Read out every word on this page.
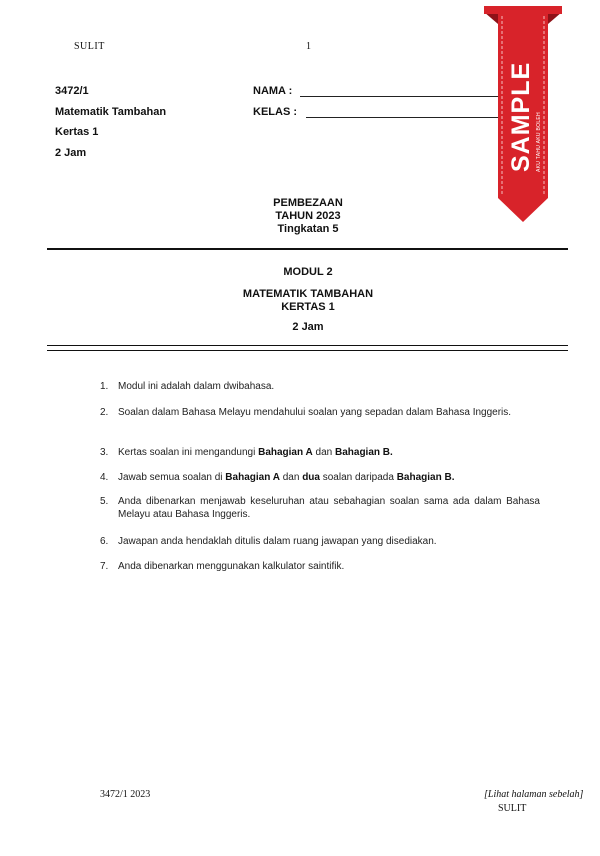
SULIT	1
3472/1
Matematik Tambahan
Kertas 1
2 Jam
NAMA :
KELAS :
PEMBEZAAN
TAHUN 2023
Tingkatan 5
MODUL 2
MATEMATIK TAMBAHAN
KERTAS 1
2 Jam
1. Modul ini adalah dalam dwibahasa.
2. Soalan dalam Bahasa Melayu mendahului soalan yang sepadan dalam Bahasa Inggeris.
3. Kertas soalan ini mengandungi Bahagian A dan Bahagian B.
4. Jawab semua soalan di Bahagian A dan dua soalan daripada Bahagian B.
5. Anda dibenarkan menjawab keseluruhan atau sebahagian soalan sama ada dalam Bahasa Melayu atau Bahasa Inggeris.
6. Jawapan anda hendaklah ditulis dalam ruang jawapan yang disediakan.
7. Anda dibenarkan menggunakan kalkulator saintifik.
3472/1 2023	[Lihat halaman sebelah]
SULIT
SAMPLE AKU TAHU AKU BOLEH
